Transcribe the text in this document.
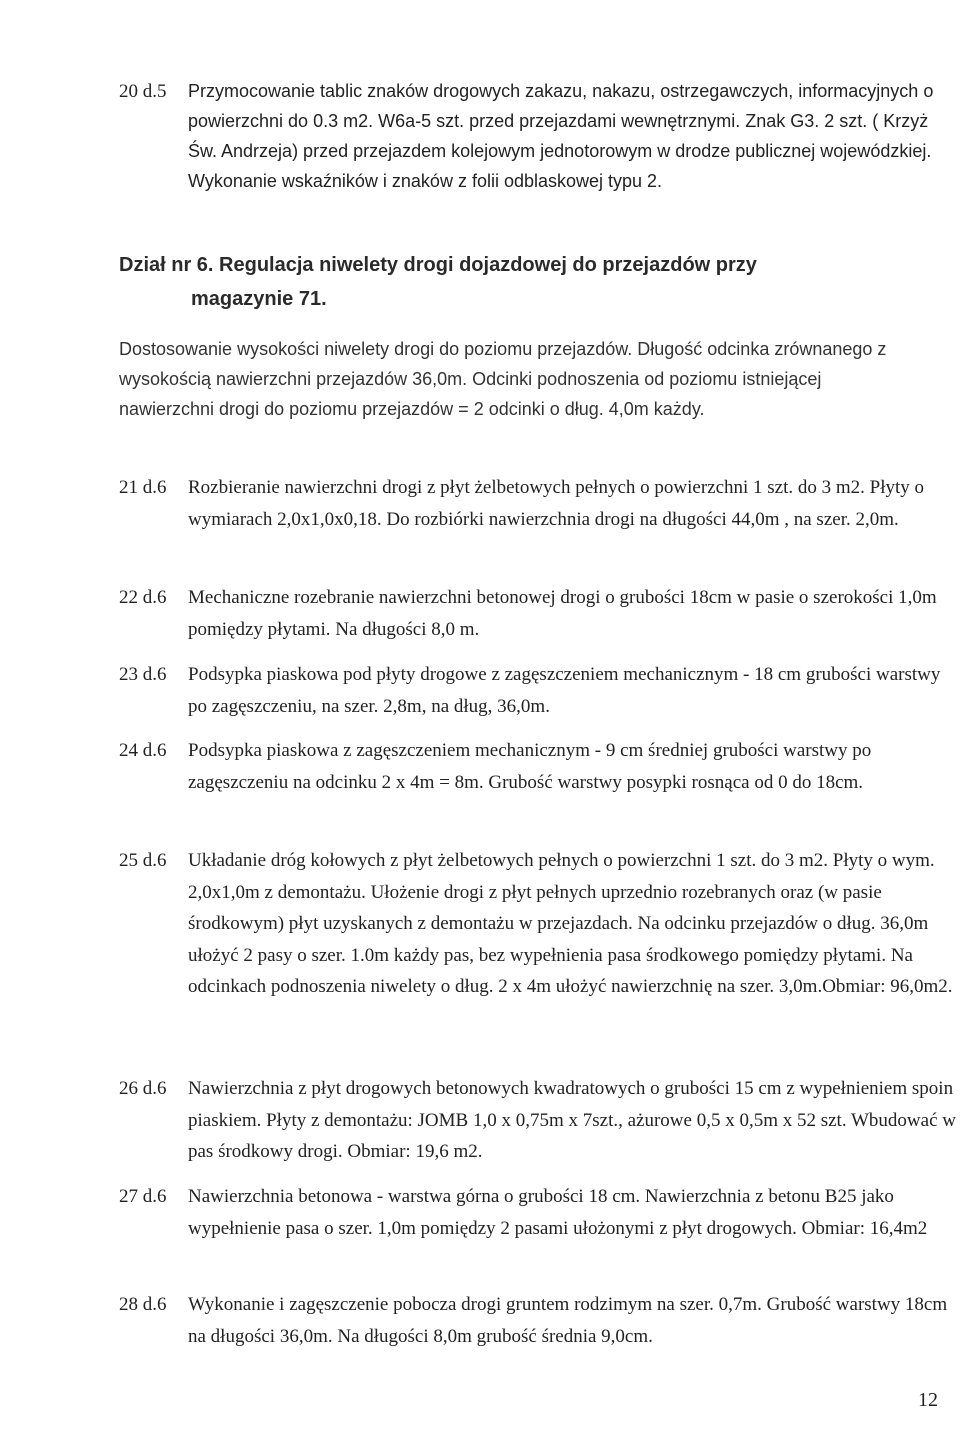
20 d.5 Przymocowanie tablic znaków drogowych zakazu, nakazu, ostrzegawczych, informacyjnych o powierzchni do 0.3 m2. W6a-5 szt. przed przejazdami wewnętrznymi. Znak G3. 2 szt. ( Krzyż Św. Andrzeja) przed przejazdem kolejowym jednotorowym w drodze publicznej wojewódzkiej. Wykonanie wskaźników i znaków z folii odblaskowej typu 2.
Dział nr 6. Regulacja niwelety drogi dojazdowej do przejazdów przy
magazynie 71.
Dostosowanie wysokości niwelety drogi do poziomu przejazdów. Długość odcinka zrównanego z wysokością nawierzchni przejazdów 36,0m. Odcinki podnoszenia od poziomu istniejącej nawierzchni drogi do poziomu przejazdów = 2 odcinki o dług. 4,0m każdy.
21 d.6 Rozbieranie nawierzchni drogi z płyt żelbetowych pełnych o powierzchni 1 szt. do 3 m2. Płyty o wymiarach 2,0x1,0x0,18. Do rozbiórki nawierzchnia drogi na długości 44,0m , na szer. 2,0m.
22 d.6 Mechaniczne rozebranie nawierzchni betonowej drogi o grubości 18cm w pasie o szerokości 1,0m pomiędzy płytami. Na długości 8,0 m.
23 d.6 Podsypka piaskowa pod płyty drogowe z zagęszczeniem mechanicznym - 18 cm grubości warstwy po zagęszczeniu, na szer. 2,8m, na dług, 36,0m.
24 d.6 Podsypka piaskowa z zagęszczeniem mechanicznym - 9 cm średniej grubości warstwy po zagęszczeniu na odcinku 2 x 4m = 8m. Grubość warstwy posypki rosnąca od 0 do 18cm.
25 d.6 Układanie dróg kołowych z płyt żelbetowych pełnych o powierzchni 1 szt. do 3 m2. Płyty o wym. 2,0x1,0m z demontażu. Ułożenie drogi z płyt pełnych uprzednio rozebranych oraz (w pasie środkowym) płyt uzyskanych z demontażu w przejazdach. Na odcinku przejazdów o dług. 36,0m ułożyć 2 pasy o szer. 1.0m każdy pas, bez wypełnienia pasa środkowego pomiędzy płytami. Na odcinkach podnoszenia niwelety o dług. 2 x 4m ułożyć nawierzchnię na szer. 3,0m.Obmiar: 96,0m2.
26 d.6 Nawierzchnia z płyt drogowych betonowych kwadratowych o grubości 15 cm z wypełnieniem spoin piaskiem. Płyty z demontażu: JOMB 1,0 x 0,75m x 7szt., ażurowe 0,5 x 0,5m x 52 szt. Wbudować w pas środkowy drogi. Obmiar: 19,6 m2.
27 d.6 Nawierzchnia betonowa - warstwa górna o grubości 18 cm. Nawierzchnia z betonu B25 jako wypełnienie pasa o szer. 1,0m pomiędzy 2 pasami ułożonymi z płyt drogowych. Obmiar: 16,4m2
28 d.6 Wykonanie i zagęszczenie pobocza drogi gruntem rodzimym na szer. 0,7m. Grubość warstwy 18cm na długości 36,0m. Na długości 8,0m grubość średnia 9,0cm.
12
